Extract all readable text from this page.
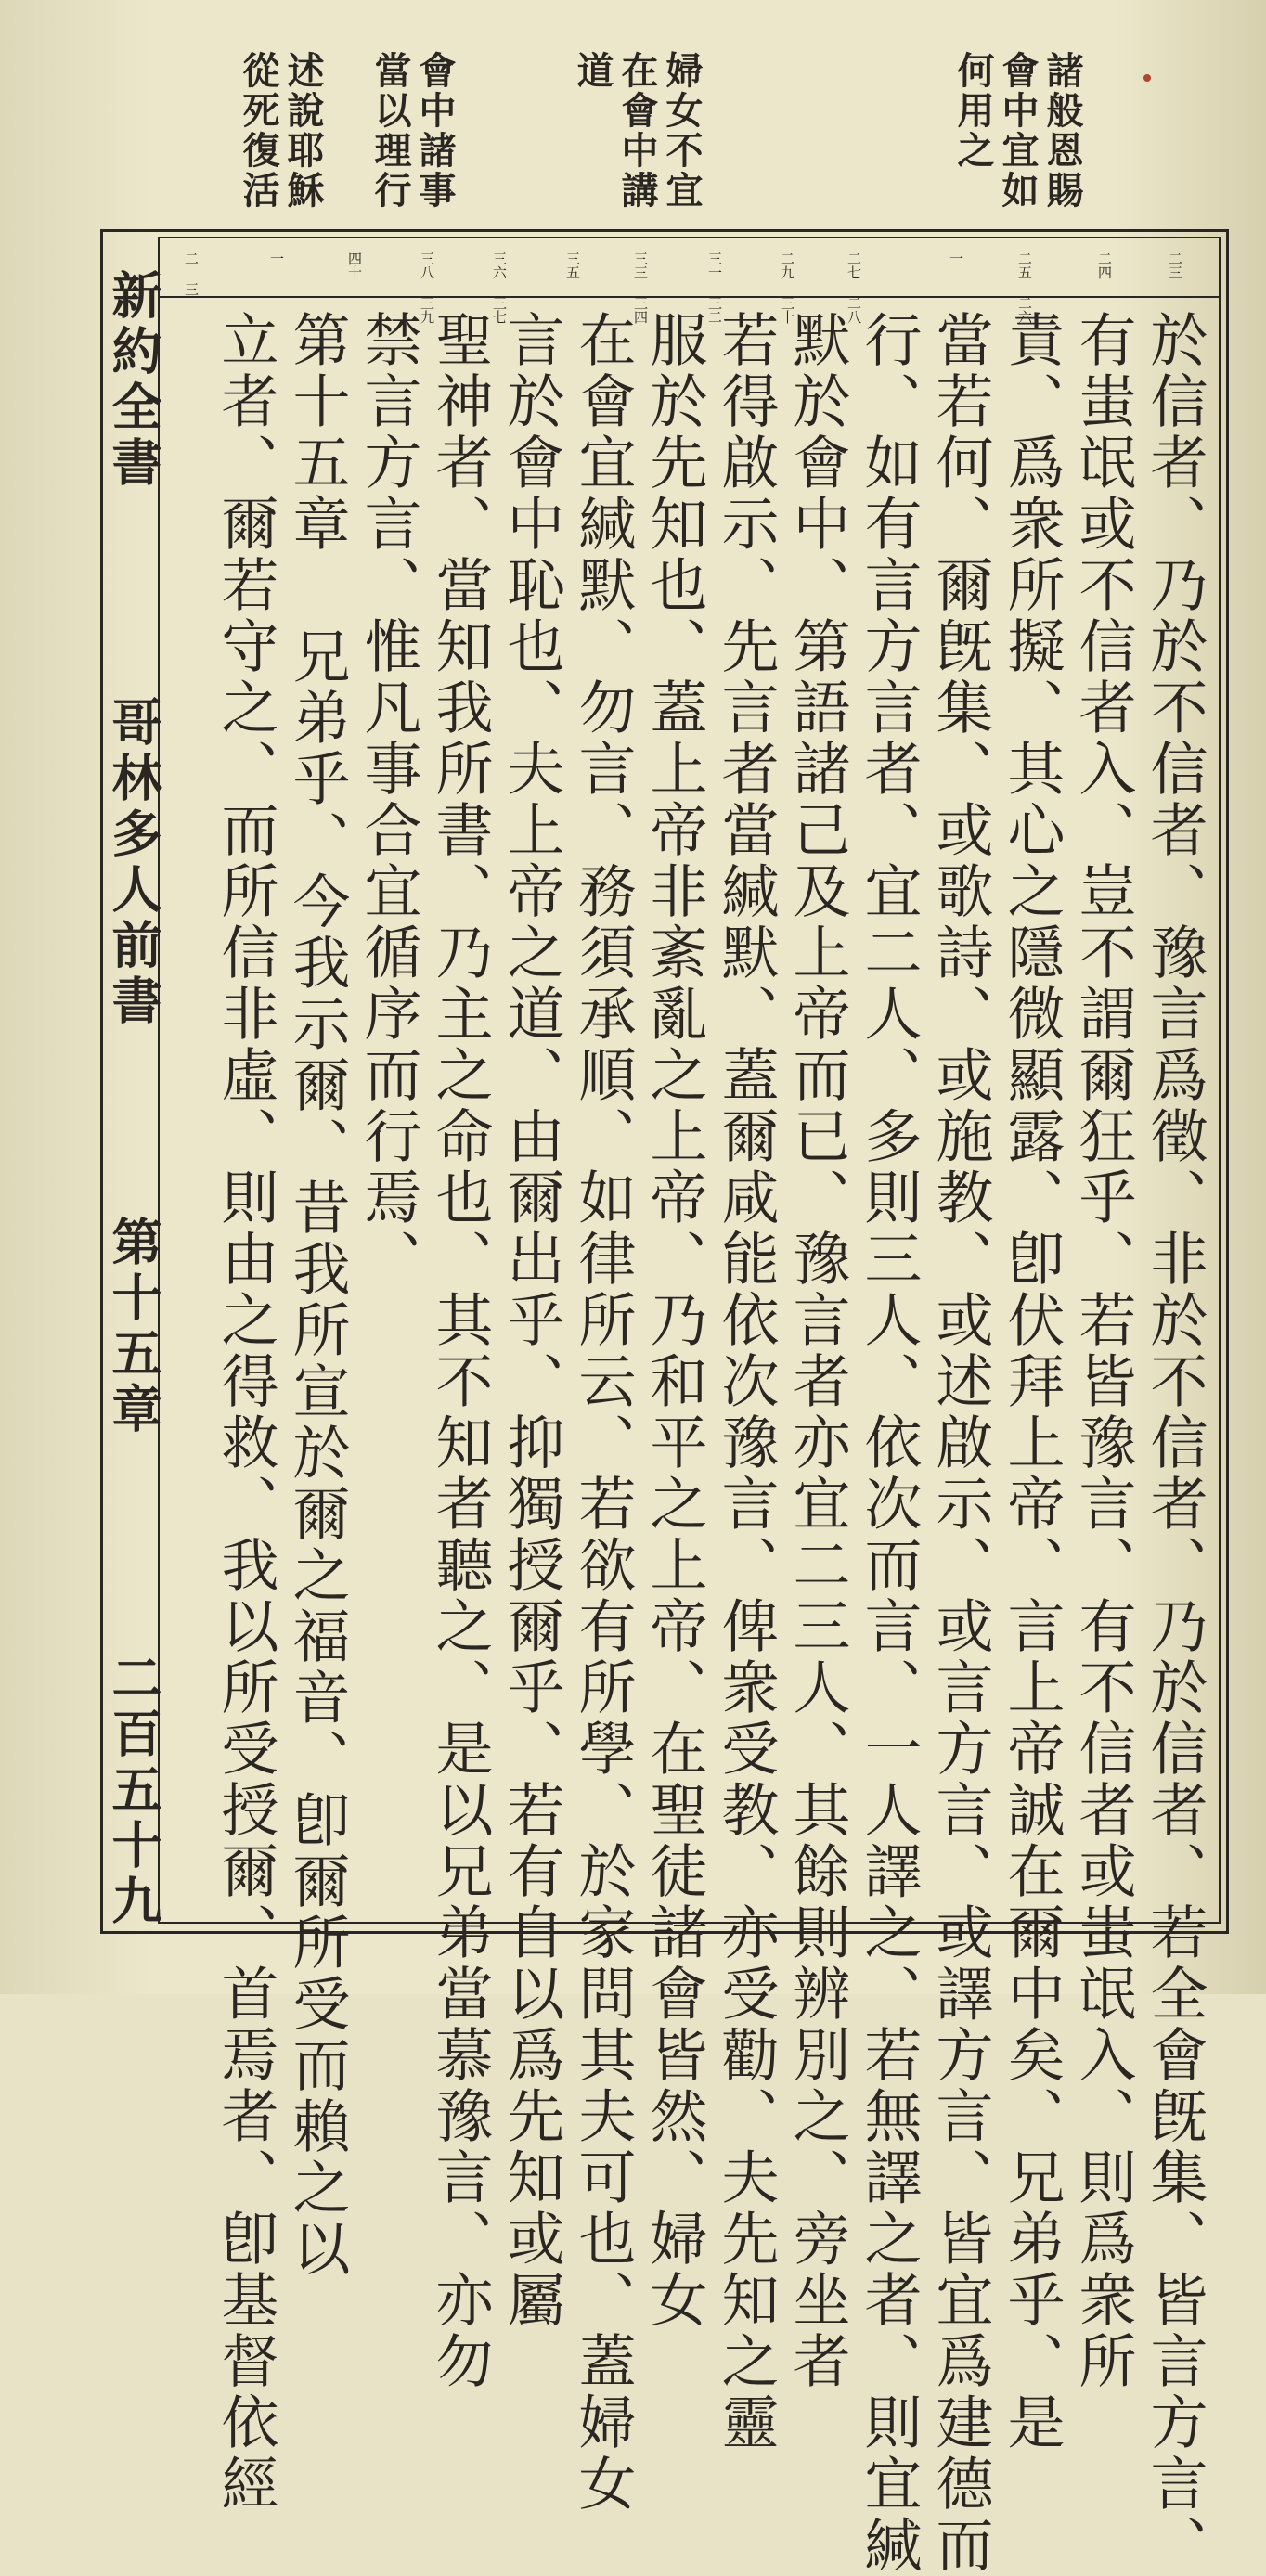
諸般恩賜
會中宜如
何用之
婦女不宜
在會中講
道
會中諸事
當以理行
述說耶穌
從死復活
二三
二四
二五 二六
一
二七 二八
二九 三十
三一 三二
三三 三四
三五
三六 三七
三八 三九
四十
一
二 三
於信者、乃於不信者、豫言爲徵、非於不信者、乃於信者、若全會旣集、皆言方言、
有蚩氓或不信者入、豈不謂爾狂乎、若皆豫言、有不信者或蚩氓入、則爲衆所
責、爲衆所擬、其心之隱微顯露、卽伏拜上帝、言上帝誠在爾中矣、兄弟乎、是
當若何、爾旣集、或歌詩、或施教、或述啟示、或言方言、或譯方言、皆宜爲建德而
行、如有言方言者、宜二人、多則三人、依次而言、一人譯之、若無譯之者、則宜緘
默於會中、第語諸己及上帝而已、豫言者亦宜二三人、其餘則辨別之、旁坐者
若得啟示、先言者當緘默、蓋爾咸能依次豫言、俾衆受教、亦受勸、夫先知之靈
服於先知也、蓋上帝非紊亂之上帝、乃和平之上帝、在聖徒諸會皆然、婦女
在會宜緘默、勿言、務須承順、如律所云、若欲有所學、於家問其夫可也、蓋婦女
言於會中恥也、夫上帝之道、由爾出乎、抑獨授爾乎、若有自以爲先知或屬
聖神者、當知我所書、乃主之命也、其不知者聽之、是以兄弟當慕豫言、亦勿
禁言方言、惟凡事合宜循序而行焉、
第十五章 兄弟乎、今我示爾、昔我所宣於爾之福音、卽爾所受而賴之以
立者、爾若守之、而所信非虛、則由之得救、我以所受授爾、首焉者、卽基督依經
新約全書
哥林多人前書
第十五章
二百五十九
